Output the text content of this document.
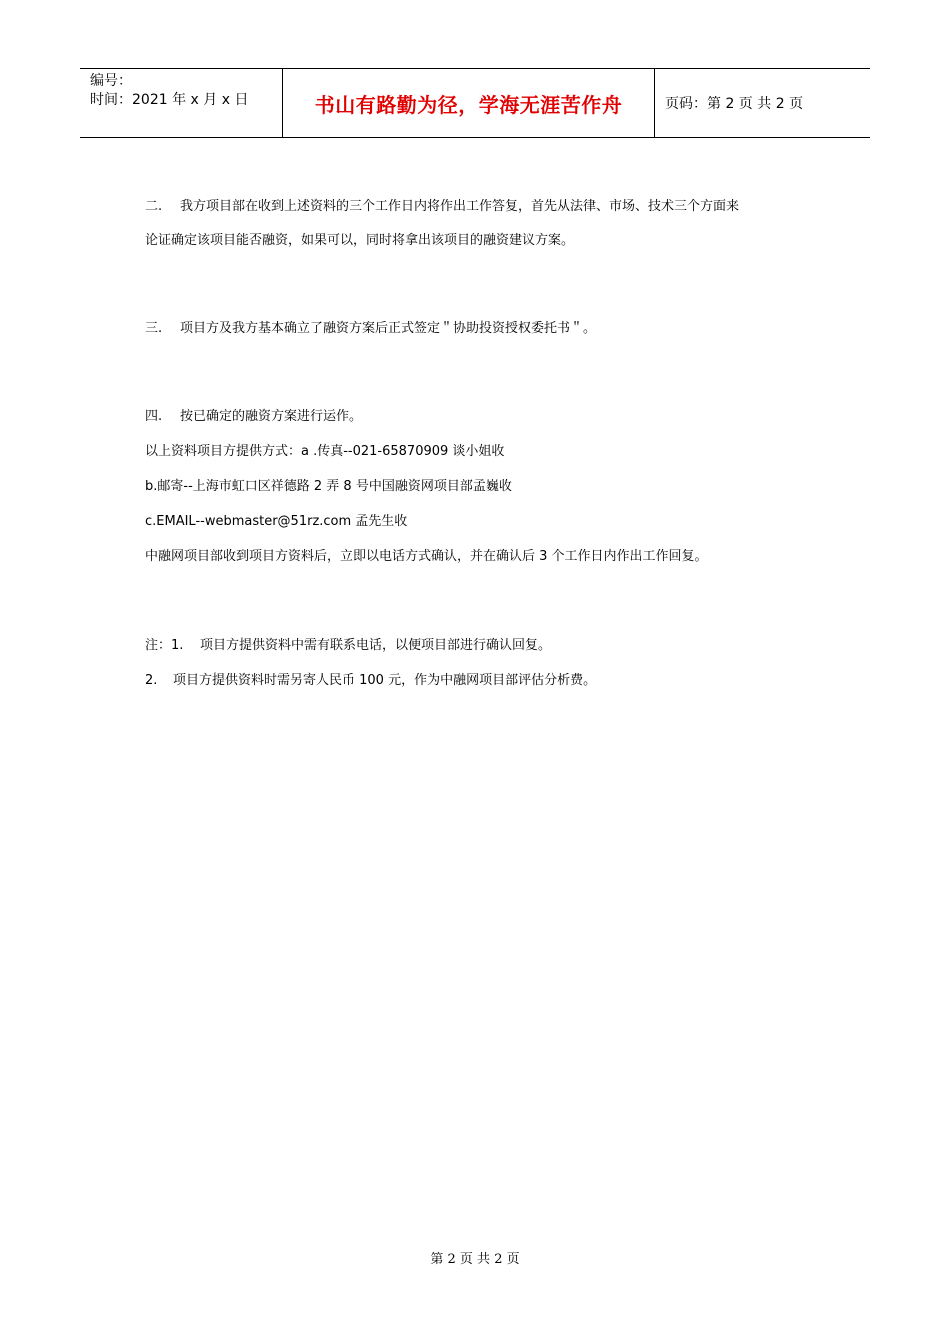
编号：
时间：2021 年 x 月 x 日	书山有路勤为径，学海无涯苦作舟	页码：第 2 页 共 2 页
二. 我方项目部在收到上述资料的三个工作日内将作出工作答复，首先从法律、市场、技术三个方面来
论证确定该项目能否融资，如果可以，同时将拿出该项目的融资建议方案。
三. 项目方及我方基本确立了融资方案后正式签定＂协助投资授权委托书＂。
四. 按已确定的融资方案进行运作。
以上资料项目方提供方式：a .传真--021-65870909 谈小姐收
b.邮寄--上海市虹口区祥德路 2 弄 8 号中国融资网项目部孟巍收
c.EMAIL--webmaster@51rz.com 孟先生收
中融网项目部收到项目方资料后，立即以电话方式确认，并在确认后 3 个工作日内作出工作回复。
注：1. 项目方提供资料中需有联系电话，以便项目部进行确认回复。
2. 项目方提供资料时需另寄人民币 100 元，作为中融网项目部评估分析费。
第 2 页 共 2 页
